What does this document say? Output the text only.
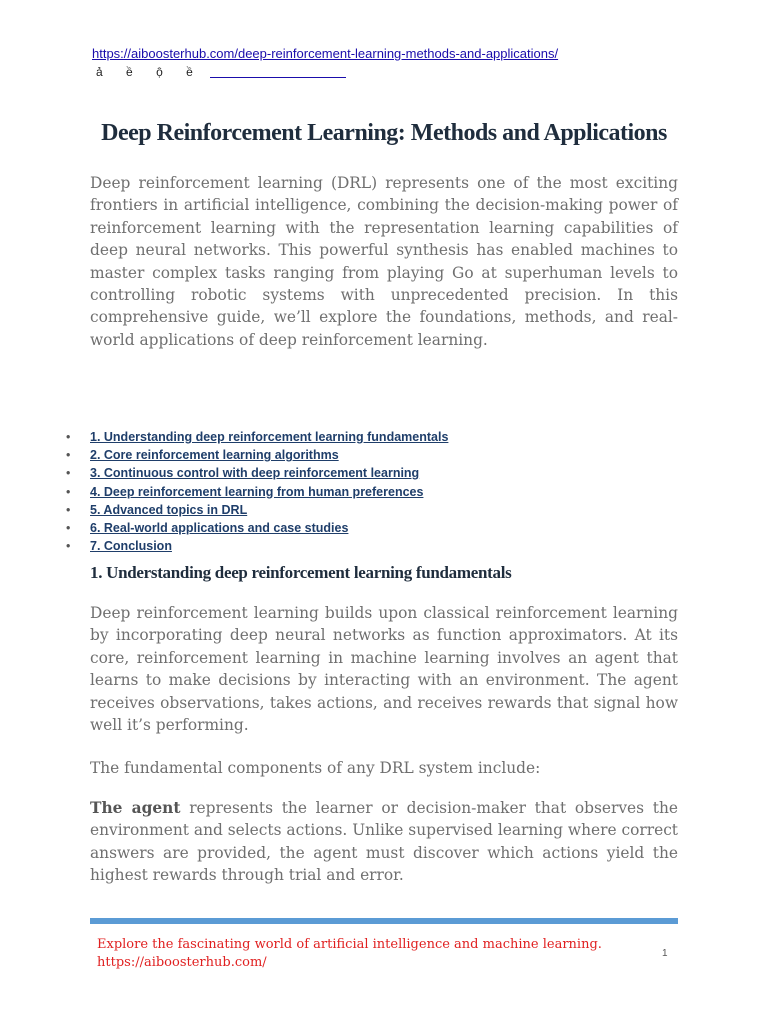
https://aiboosterhub.com/deep-reinforcement-learning-methods-and-applications/
ả ề ộ ề
Deep Reinforcement Learning: Methods and Applications

Deep reinforcement learning (DRL) represents one of the most exciting frontiers in artificial intelligence, combining the decision-making power of reinforcement learning with the representation learning capabilities of deep neural networks. This powerful synthesis has enabled machines to master complex tasks ranging from playing Go at superhuman levels to controlling robotic systems with unprecedented precision. In this comprehensive guide, we’ll explore the foundations, methods, and real-world applications of deep reinforcement learning.

• 1. Understanding deep reinforcement learning fundamentals
• 2. Core reinforcement learning algorithms
• 3. Continuous control with deep reinforcement learning
• 4. Deep reinforcement learning from human preferences
• 5. Advanced topics in DRL
• 6. Real-world applications and case studies
• 7. Conclusion
1. Understanding deep reinforcement learning fundamentals

Deep reinforcement learning builds upon classical reinforcement learning by incorporating deep neural networks as function approximators. At its core, reinforcement learning in machine learning involves an agent that learns to make decisions by interacting with an environment. The agent receives observations, takes actions, and receives rewards that signal how well it’s performing.

The fundamental components of any DRL system include:

The agent represents the learner or decision-maker that observes the environment and selects actions. Unlike supervised learning where correct answers are provided, the agent must discover which actions yield the highest rewards through trial and error.

Explore the fascinating world of artificial intelligence and machine learning.
https://aiboosterhub.com/
1
